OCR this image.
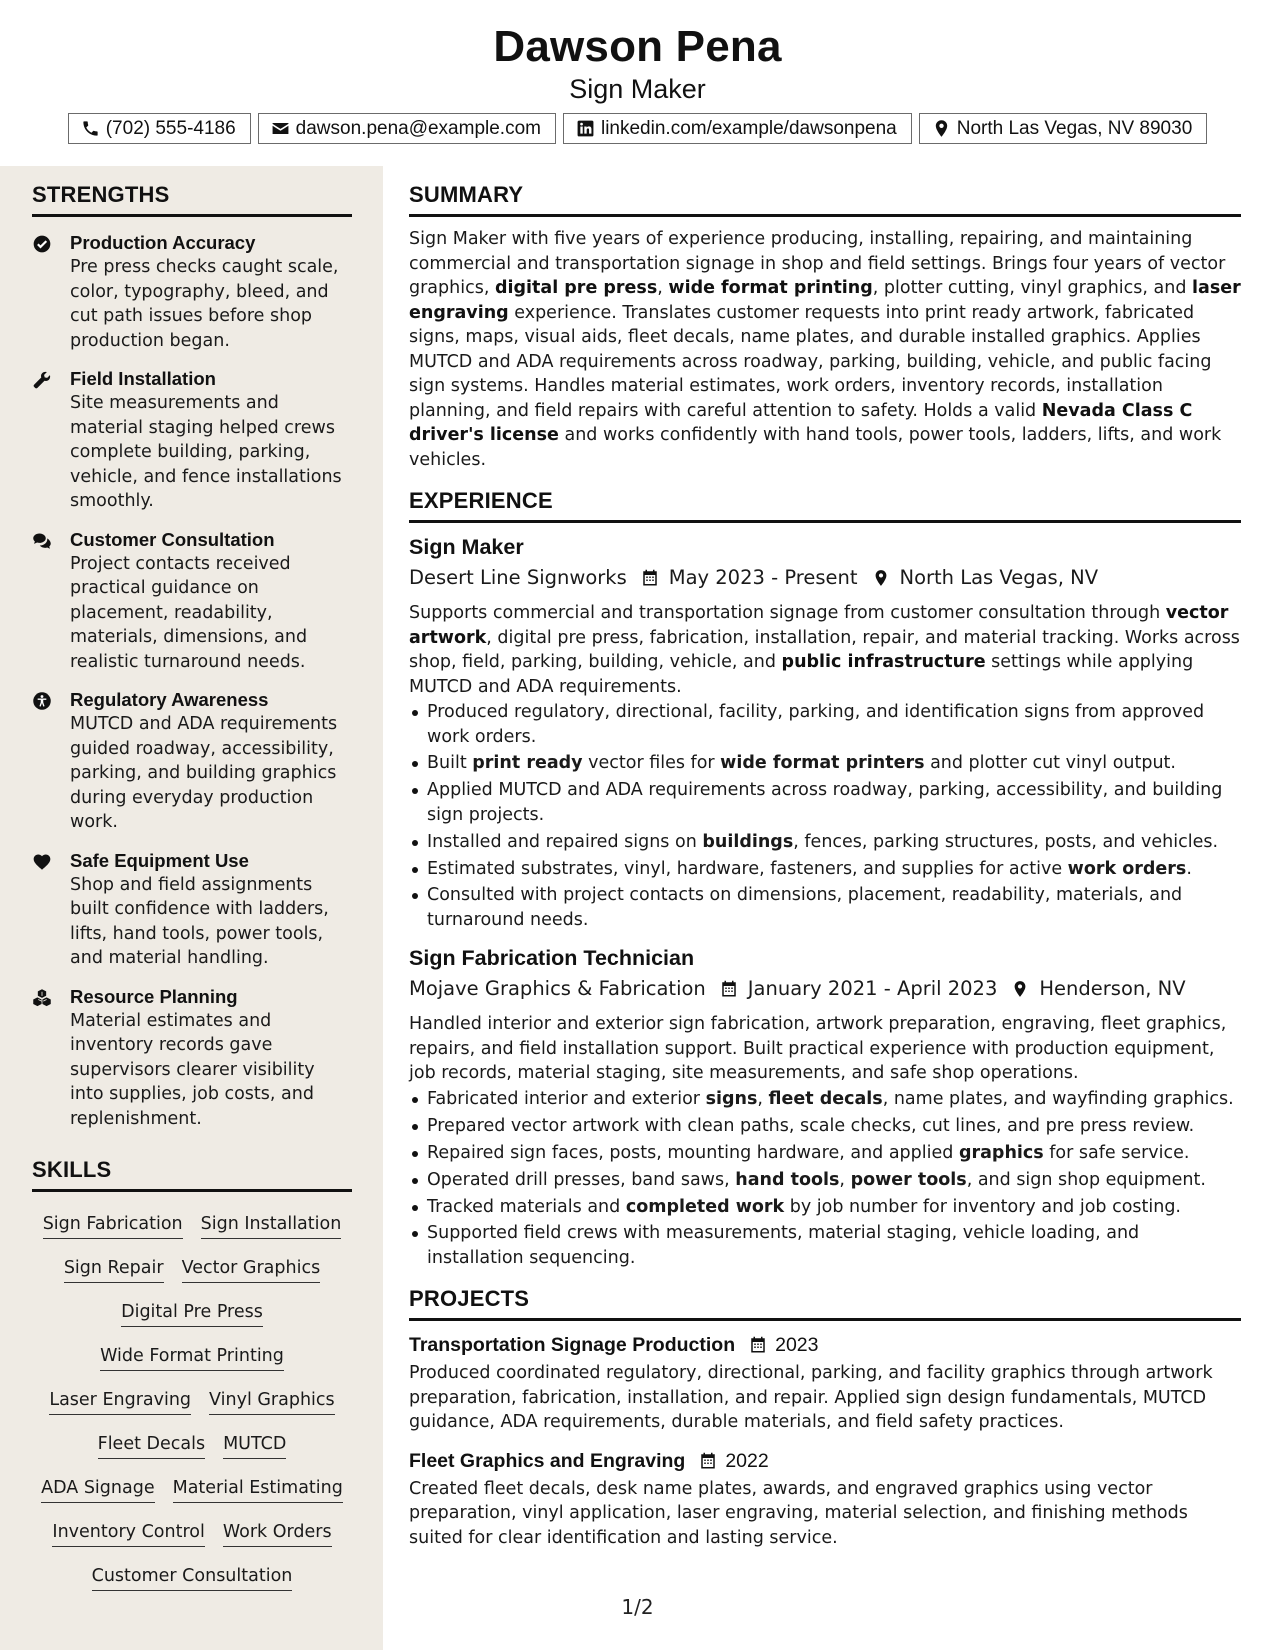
Dawson Pena
Sign Maker
(702) 555-4186	dawson.pena@example.com	linkedin.com/example/dawsonpena	North Las Vegas, NV 89030
STRENGTHS
Production Accuracy
Pre press checks caught scale, color, typography, bleed, and cut path issues before shop production began.
Field Installation
Site measurements and material staging helped crews complete building, parking, vehicle, and fence installations smoothly.
Customer Consultation
Project contacts received practical guidance on placement, readability, materials, dimensions, and realistic turnaround needs.
Regulatory Awareness
MUTCD and ADA requirements guided roadway, accessibility, parking, and building graphics during everyday production work.
Safe Equipment Use
Shop and field assignments built confidence with ladders, lifts, hand tools, power tools, and material handling.
Resource Planning
Material estimates and inventory records gave supervisors clearer visibility into supplies, job costs, and replenishment.
SKILLS
Sign Fabrication Sign Installation
Sign Repair Vector Graphics
Digital Pre Press
Wide Format Printing
Laser Engraving Vinyl Graphics
Fleet Decals MUTCD
ADA Signage Material Estimating
Inventory Control Work Orders
Customer Consultation
SUMMARY
Sign Maker with five years of experience producing, installing, repairing, and maintaining commercial and transportation signage in shop and field settings. Brings four years of vector graphics, digital pre press, wide format printing, plotter cutting, vinyl graphics, and laser engraving experience. Translates customer requests into print ready artwork, fabricated signs, maps, visual aids, fleet decals, name plates, and durable installed graphics. Applies MUTCD and ADA requirements across roadway, parking, building, vehicle, and public facing sign systems. Handles material estimates, work orders, inventory records, installation planning, and field repairs with careful attention to safety. Holds a valid Nevada Class C driver's license and works confidently with hand tools, power tools, ladders, lifts, and work vehicles.
EXPERIENCE
Sign Maker
Desert Line Signworks May 2023 - Present North Las Vegas, NV
Supports commercial and transportation signage from customer consultation through vector artwork, digital pre press, fabrication, installation, repair, and material tracking. Works across shop, field, parking, building, vehicle, and public infrastructure settings while applying MUTCD and ADA requirements.
Produced regulatory, directional, facility, parking, and identification signs from approved work orders.
Built print ready vector files for wide format printers and plotter cut vinyl output.
Applied MUTCD and ADA requirements across roadway, parking, accessibility, and building sign projects.
Installed and repaired signs on buildings, fences, parking structures, posts, and vehicles.
Estimated substrates, vinyl, hardware, fasteners, and supplies for active work orders.
Consulted with project contacts on dimensions, placement, readability, materials, and turnaround needs.
Sign Fabrication Technician
Mojave Graphics & Fabrication January 2021 - April 2023 Henderson, NV
Handled interior and exterior sign fabrication, artwork preparation, engraving, fleet graphics, repairs, and field installation support. Built practical experience with production equipment, job records, material staging, site measurements, and safe shop operations.
Fabricated interior and exterior signs, fleet decals, name plates, and wayfinding graphics.
Prepared vector artwork with clean paths, scale checks, cut lines, and pre press review.
Repaired sign faces, posts, mounting hardware, and applied graphics for safe service.
Operated drill presses, band saws, hand tools, power tools, and sign shop equipment.
Tracked materials and completed work by job number for inventory and job costing.
Supported field crews with measurements, material staging, vehicle loading, and installation sequencing.
PROJECTS
Transportation Signage Production 2023
Produced coordinated regulatory, directional, parking, and facility graphics through artwork preparation, fabrication, installation, and repair. Applied sign design fundamentals, MUTCD guidance, ADA requirements, durable materials, and field safety practices.
Fleet Graphics and Engraving 2022
Created fleet decals, desk name plates, awards, and engraved graphics using vector preparation, vinyl application, laser engraving, material selection, and finishing methods suited for clear identification and lasting service.
1/2
